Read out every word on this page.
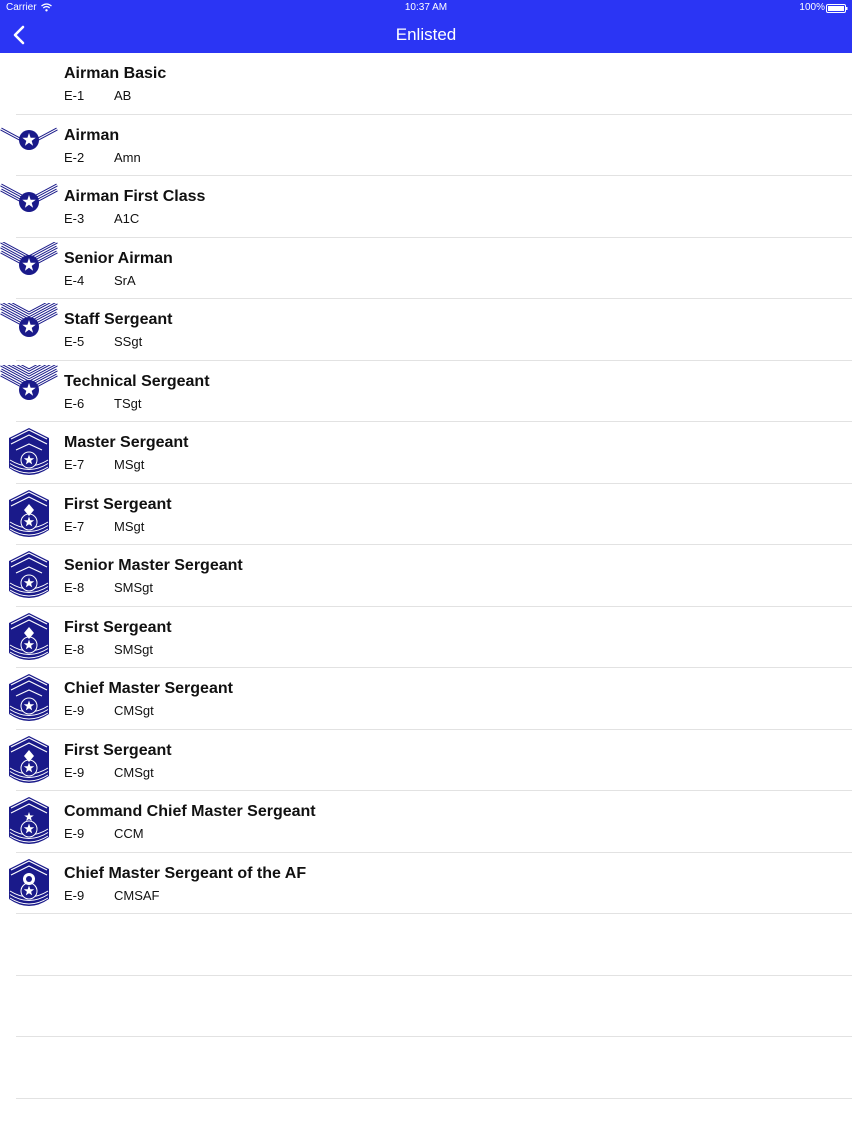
Carrier	10:37 AM	100%
Enlisted
Airman Basic
E-1 AB
Airman
E-2 Amn
Airman First Class
E-3 A1C
Senior Airman
E-4 SrA
Staff Sergeant
E-5 SSgt
Technical Sergeant
E-6 TSgt
Master Sergeant
E-7 MSgt
First Sergeant
E-7 MSgt
Senior Master Sergeant
E-8 SMSgt
First Sergeant
E-8 SMSgt
Chief Master Sergeant
E-9 CMSgt
First Sergeant
E-9 CMSgt
Command Chief Master Sergeant
E-9 CCM
Chief Master Sergeant of the AF
E-9 CMSAF
